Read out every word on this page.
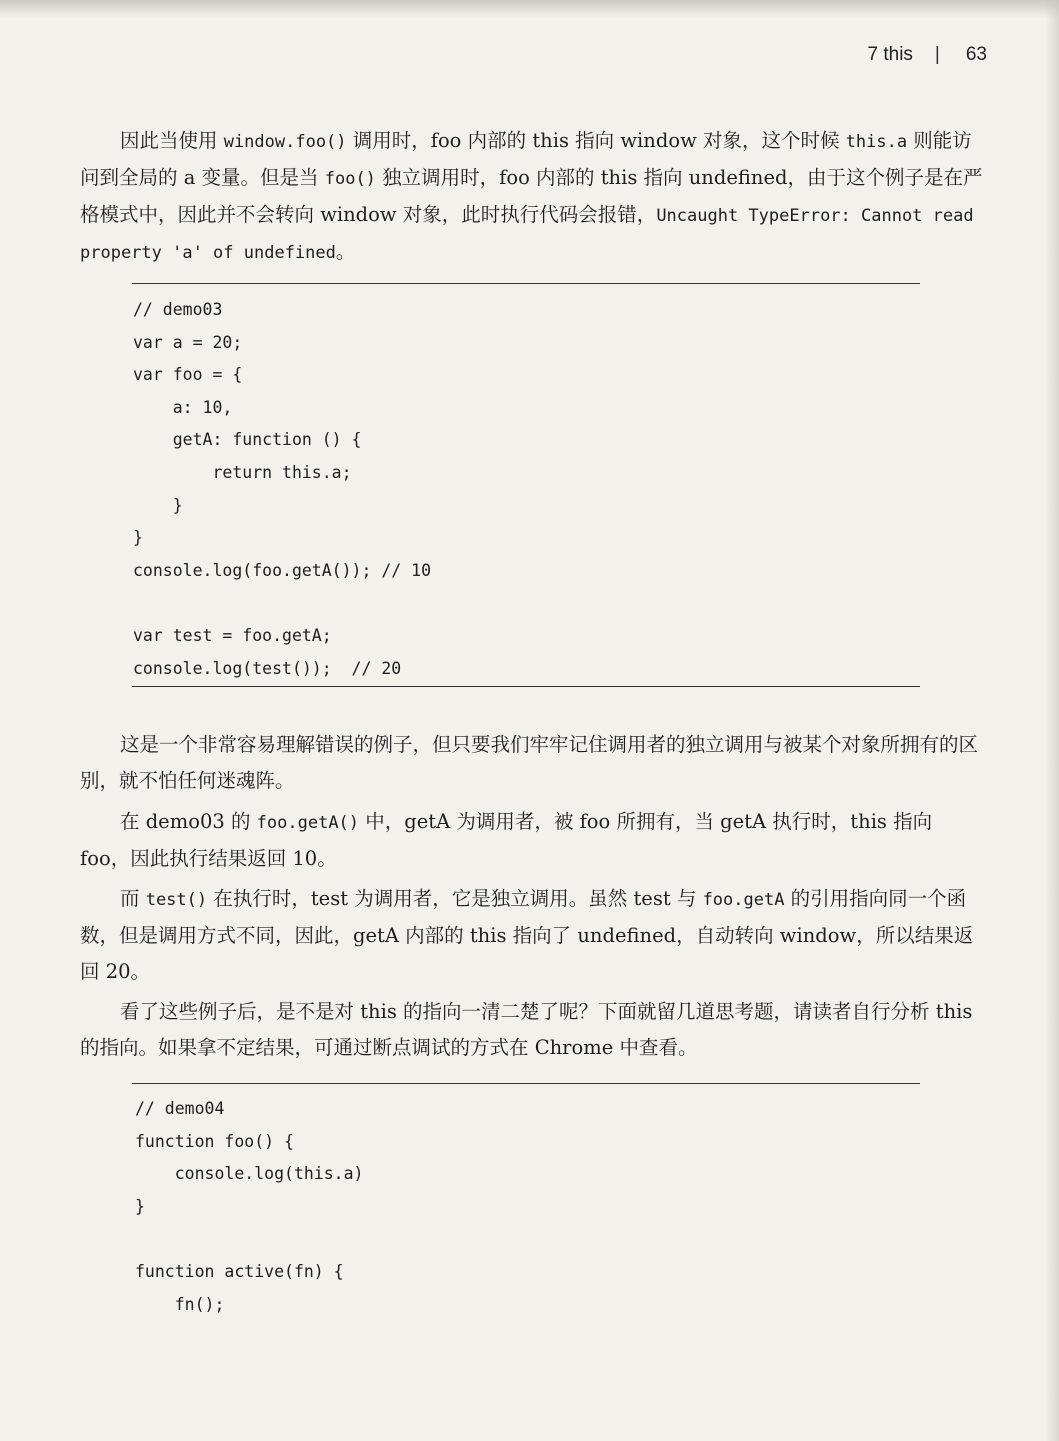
7 this | 63

因此当使用 window.foo() 调用时，foo 内部的 this 指向 window 对象，这个时候 this.a 则能访问到全局的 a 变量。但是当 foo() 独立调用时，foo 内部的 this 指向 undefined，由于这个例子是在严格模式中，因此并不会转向 window 对象，此时执行代码会报错，Uncaught TypeError: Cannot read property 'a' of undefined。

// demo03
var a = 20;
var foo = {
a: 10,
getA: function () {
return this.a;
}
}
console.log(foo.getA()); // 10
var test = foo.getA;
console.log(test());  // 20

这是一个非常容易理解错误的例子，但只要我们牢牢记住调用者的独立调用与被某个对象所拥有的区别，就不怕任何迷魂阵。

在 demo03 的 foo.getA() 中，getA 为调用者，被 foo 所拥有，当 getA 执行时，this 指向 foo，因此执行结果返回 10。

而 test() 在执行时，test 为调用者，它是独立调用。虽然 test 与 foo.getA 的引用指向同一个函数，但是调用方式不同，因此，getA 内部的 this 指向了 undefined，自动转向 window，所以结果返回 20。

看了这些例子后，是不是对 this 的指向一清二楚了呢？下面就留几道思考题，请读者自行分析 this 的指向。如果拿不定结果，可通过断点调试的方式在 Chrome 中查看。

// demo04
function foo() {
console.log(this.a)
}
function active(fn) {
fn();
